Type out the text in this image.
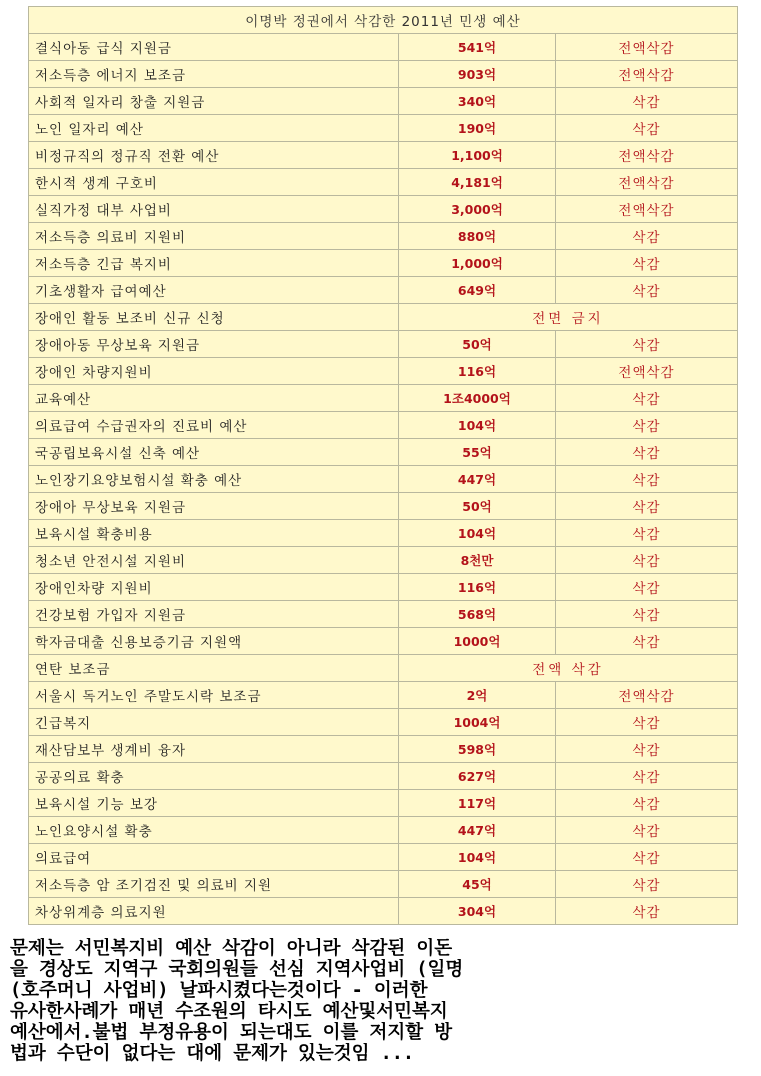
이명박 정권에서 삭감한 2011년 민생 예산		
결식아동 급식 지원금	541억	전액삭감
저소득층 에너지 보조금	903억	전액삭감
사회적 일자리 창출 지원금	340억	삭감
노인 일자리 예산	190억	삭감
비정규직의 정규직 전환 예산	1,100억	전액삭감
한시적 생계 구호비	4,181억	전액삭감
실직가정 대부 사업비	3,000억	전액삭감
저소득층 의료비 지원비	880억	삭감
저소득층 긴급 복지비	1,000억	삭감
기초생활자 급여예산	649억	삭감
장애인 활동 보조비 신규 신청	전면 금지	
장애아동 무상보육 지원금	50억	삭감
장애인 차량지원비	116억	전액삭감
교육예산	1조4000억	삭감
의료급여 수급권자의 진료비 예산	104억	삭감
국공립보육시설 신축 예산	55억	삭감
노인장기요양보험시설 확충 예산	447억	삭감
장애아 무상보육 지원금	50억	삭감
보육시설 확충비용	104억	삭감
청소년 안전시설 지원비	8천만	삭감
장애인차량 지원비	116억	삭감
건강보험 가입자 지원금	568억	삭감
학자금대출 신용보증기금 지원액	1000억	삭감
연탄 보조금	전액 삭감	
서울시 독거노인 주말도시락 보조금	2억	전액삭감
긴급복지	1004억	삭감
재산담보부 생계비 융자	598억	삭감
공공의료 확충	627억	삭감
보육시설 기능 보강	117억	삭감
노인요양시설 확충	447억	삭감
의료급여	104억	삭감
저소득층 암 조기검진 및 의료비 지원	45억	삭감
차상위계층 의료지원	304억	삭감
문제는 서민복지비 예산 삭감이 아니라 삭감된 이돈
을 경상도 지역구 국회의원들 선심 지역사업비 (일명
(호주머니 사업비) 날파시켰다는것이다 - 이러한
유사한사례가 매년 수조원의 타시도 예산및서민복지
예산에서.불법 부정유용이 되는대도 이를 저지할 방
법과 수단이 없다는 대에 문제가 있는것임 ...
